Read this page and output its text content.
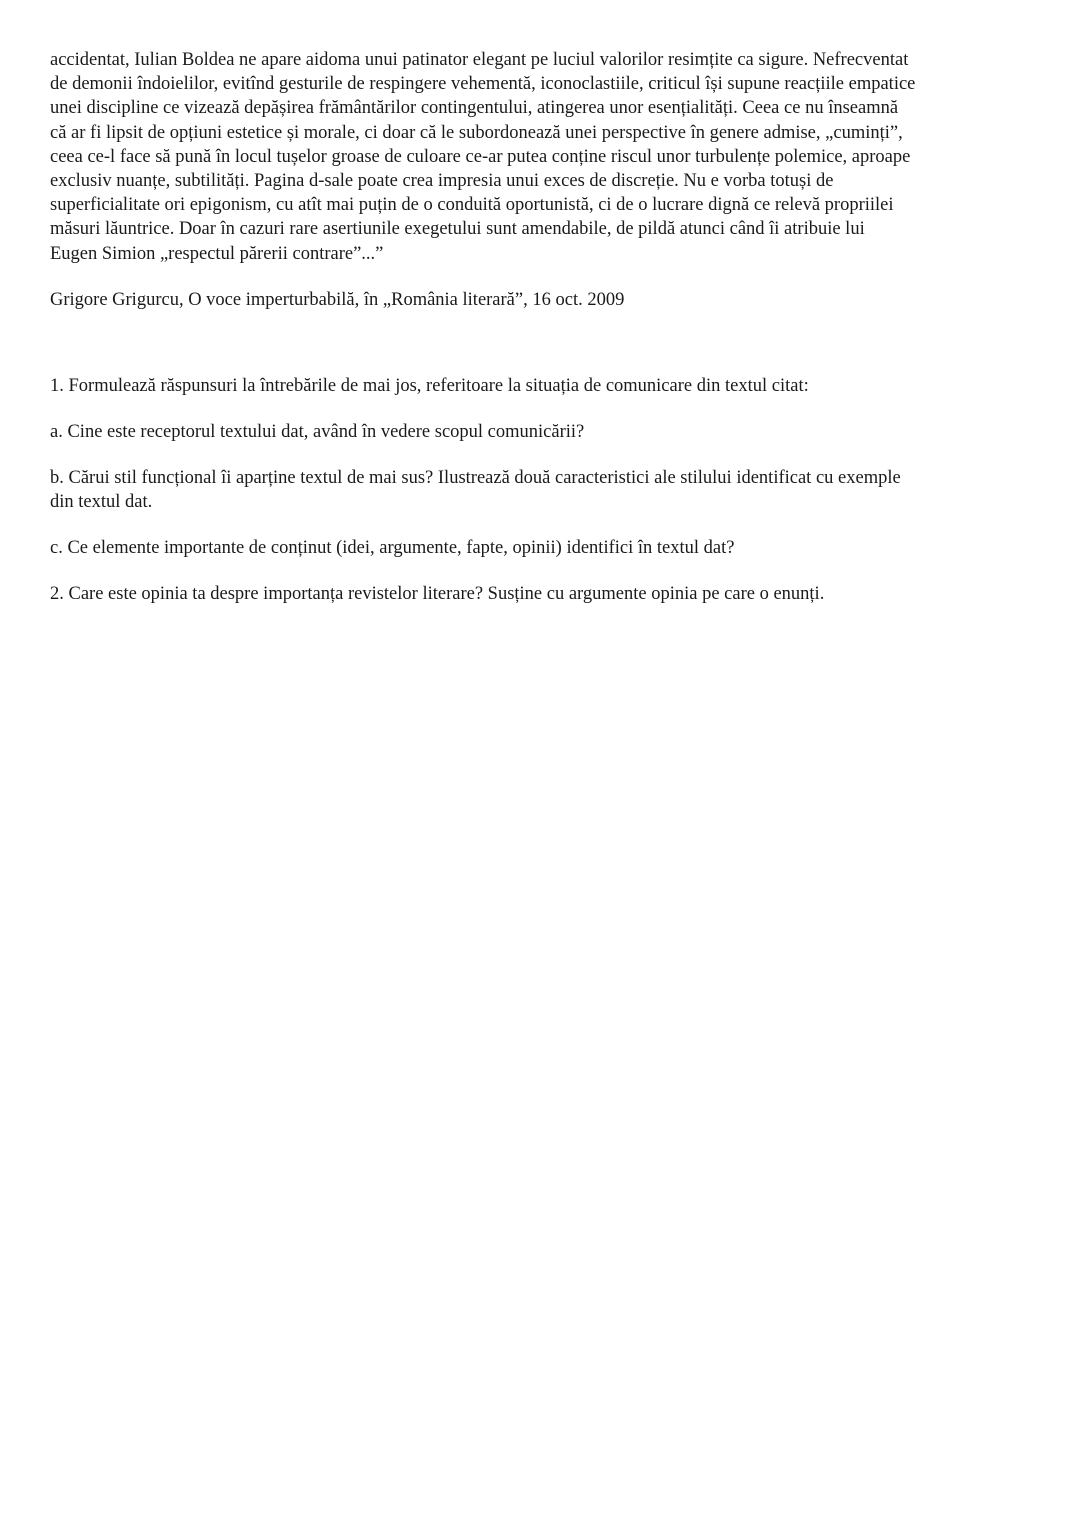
accidentat, Iulian Boldea ne apare aidoma unui patinator elegant pe luciul valorilor resimțite ca sigure. Nefrecventat
de demonii îndoielilor, evitînd gesturile de respingere vehementă, iconoclastiile, criticul își supune reacțiile empatice
unei discipline ce vizează depășirea frământărilor contingentului, atingerea unor esențialități. Ceea ce nu înseamnă
că ar fi lipsit de opțiuni estetice și morale, ci doar că le subordonează unei perspective în genere admise, „cuminți”,
ceea ce-l face să pună în locul tușelor groase de culoare ce-ar putea conține riscul unor turbulențe polemice, aproape
exclusiv nuanțe, subtilități. Pagina d-sale poate crea impresia unui exces de discreție. Nu e vorba totuși de
superficialitate ori epigonism, cu atît mai puțin de o conduită oportunistă, ci de o lucrare dignă ce relevă propriilei
măsuri lăuntrice. Doar în cazuri rare asertiunile exegetului sunt amendabile, de pildă atunci când îi atribuie lui
Eugen Simion „respectul părerii contrare”...”

Grigore Grigurcu, O voce imperturbabilă, în „România literară”, 16 oct. 2009

1. Formulează răspunsuri la întrebările de mai jos, referitoare la situația de comunicare din textul citat:

a. Cine este receptorul textului dat, având în vedere scopul comunicării?

b. Cărui stil funcțional îi aparține textul de mai sus? Ilustrează două caracteristici ale stilului identificat cu exemple
din textul dat.

c. Ce elemente importante de conținut (idei, argumente, fapte, opinii) identifici în textul dat?

2. Care este opinia ta despre importanța revistelor literare? Susține cu argumente opinia pe care o enunți.
